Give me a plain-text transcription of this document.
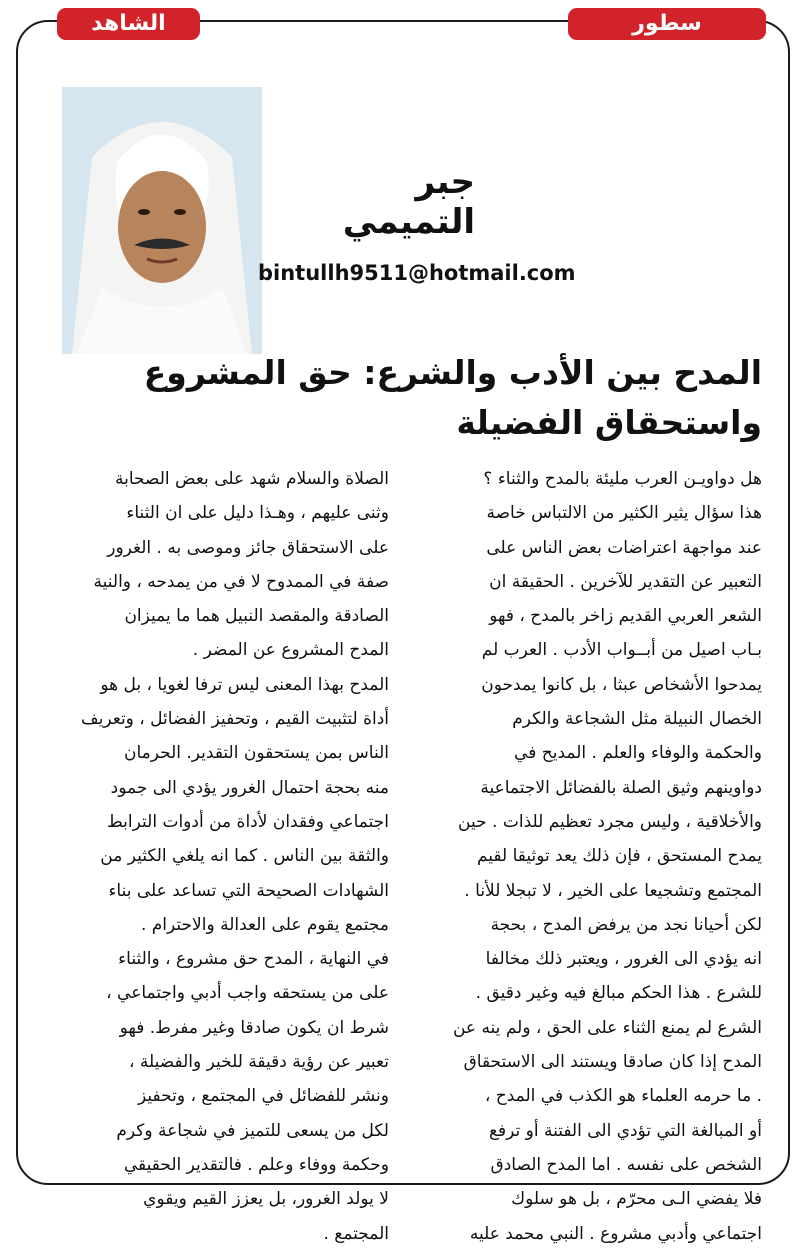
الشاهد	سطور
جبر التميمي
bintullh9511@hotmail.com
المدح بين الأدب والشرع: حق المشروع واستحقاق الفضيلة
هل دواويـن العرب مليئة بالمدح والثناء ؟
هذا سؤال يثير الكثير من الالتباس خاصة
عند مواجهة اعتراضات بعض الناس على
التعبير عن التقدير للآخرين . الحقيقة ان
الشعر العربي القديم زاخر بالمدح ، فهو
بـاب اصيل من أبــواب الأدب . العرب لم
يمدحوا الأشخاص عبثا ، بل كانوا يمدحون
الخصال النبيلة مثل الشجاعة والكرم
والحكمة والوفاء والعلم . المديح في
دواوينهم وثيق الصلة بالفضائل الاجتماعية
والأخلاقية ، وليس مجرد تعظيم للذات . حين
يمدح المستحق ، فإن ذلك يعد توثيقا لقيم
المجتمع وتشجيعا على الخير ، لا تبجلا للأنا .
لكن أحيانا نجد من يرفض المدح ، بحجة
انه يؤدي الى الغرور ، ويعتبر ذلك مخالفا
للشرع . هذا الحكم مبالغ فيه وغير دقيق .
الشرع لم يمنع الثناء على الحق ، ولم ينه عن
المدح إذا كان صادقا ويستند الى الاستحقاق
. ما حرمه العلماء هو الكذب في المدح ،
أو المبالغة التي تؤدي الى الفتنة أو ترفع
الشخص على نفسه . اما المدح الصادق
فلا يفضي الـى محرّم ، بل هو سلوك
اجتماعي وأدبي مشروع . النبي محمد عليه
الصلاة والسلام شهد على بعض الصحابة
وثنى عليهم ، وهـذا دليل على ان الثناء
على الاستحقاق جائز وموصى به . الغرور
صفة في الممدوح لا في من يمدحه ، والنية
الصادقة والمقصد النبيل هما ما يميزان
المدح المشروع عن المضر .
المدح بهذا المعنى ليس ترفا لغويا ، بل هو
أداة لتثبيت القيم ، وتحفيز الفضائل ، وتعريف
الناس بمن يستحقون التقدير. الحرمان
منه بحجة احتمال الغرور يؤدي الى جمود
اجتماعي وفقدان لأداة من أدوات الترابط
والثقة بين الناس . كما انه يلغي الكثير من
الشهادات الصحيحة التي تساعد على بناء
مجتمع يقوم على العدالة والاحترام .
في النهاية ، المدح حق مشروع ، والثناء
على من يستحقه واجب أدبي واجتماعي ،
شرط ان يكون صادقا وغير مفرط. فهو
تعبير عن رؤية دقيقة للخير والفضيلة ،
ونشر للفضائل في المجتمع ، وتحفيز
لكل من يسعى للتميز في شجاعة وكرم
وحكمة ووفاء وعلم . فالتقدير الحقيقي
لا يولد الغرور، بل يعزز القيم ويقوي
المجتمع .
